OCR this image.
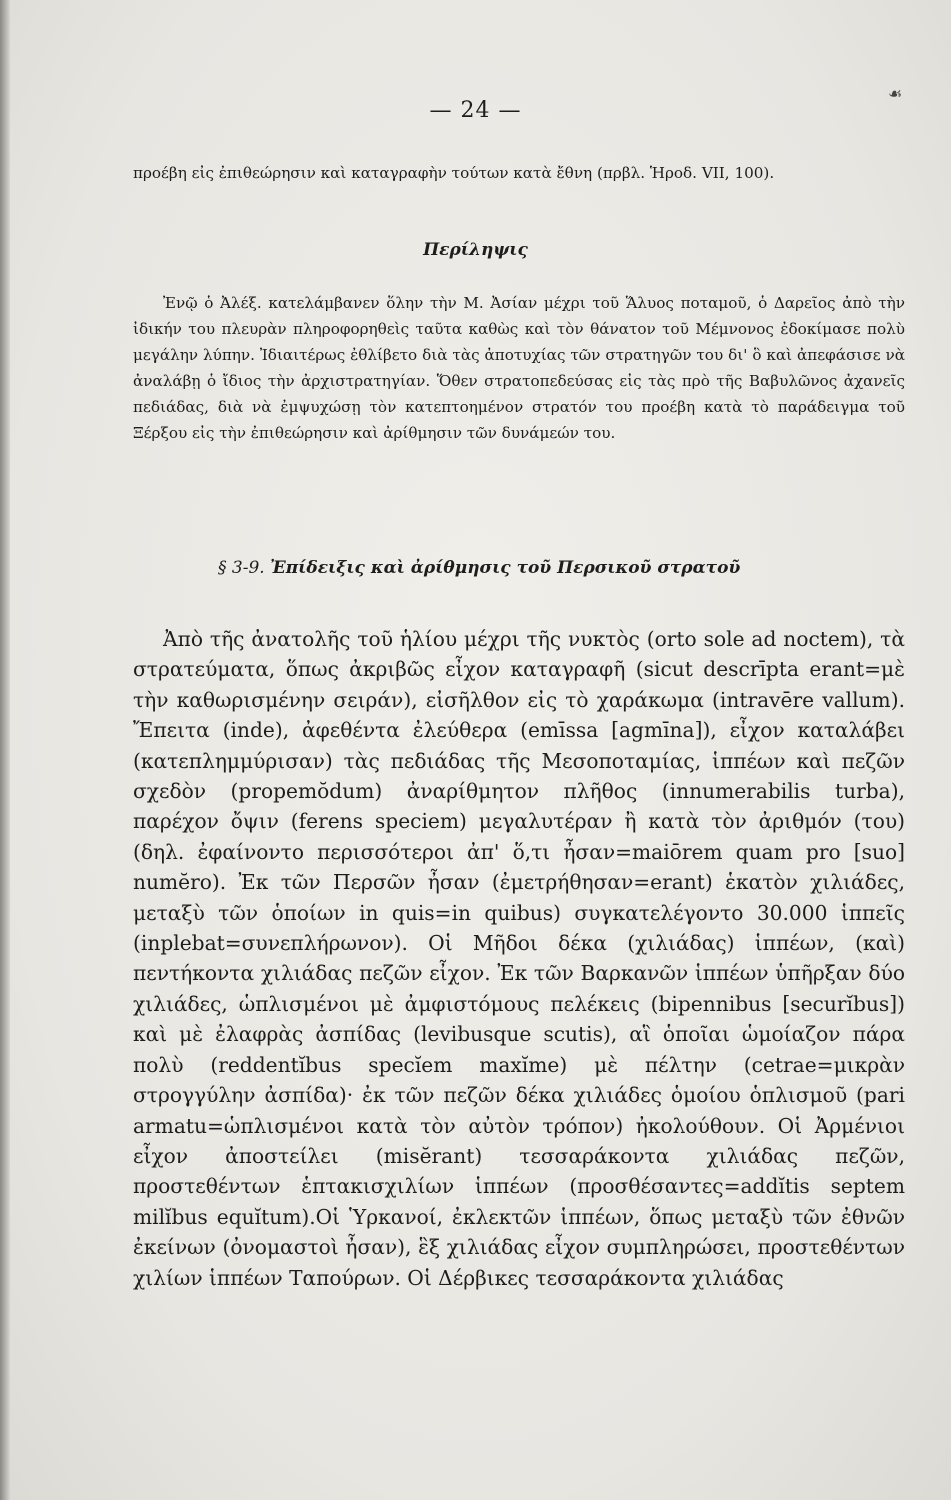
☙
— 24 —

προέβη εἰς ἐπιθεώρησιν καὶ καταγραφὴν τούτων κατὰ ἔθνη (πρβλ. Ἡροδ. VII, 100).

Περίληψις

Ἐνῷ ὁ Ἀλέξ. κατελάμβανεν ὅλην τὴν Μ. Ἀσίαν μέχρι τοῦ Ἅλυος ποταμοῦ, ὁ Δαρεῖος ἀπὸ τὴν ἰδικήν του πλευρὰν πληροφορηθεὶς ταῦτα καθὼς καὶ τὸν θάνατον τοῦ Μέμνονος ἐδοκίμασε πολὺ μεγάλην λύπην. Ἰδιαιτέρως ἐθλίβετο διὰ τὰς ἀποτυχίας τῶν στρατηγῶν του δι' ὃ καὶ ἀπεφάσισε νὰ ἀναλάβῃ ὁ ἴδιος τὴν ἀρχιστρατηγίαν. Ὅθεν στρατοπεδεύσας εἰς τὰς πρὸ τῆς Βαβυλῶνος ἀχανεῖς πεδιάδας, διὰ νὰ ἐμψυχώσῃ τὸν κατεπτοημένον στρατόν του προέβη κατὰ τὸ παράδειγμα τοῦ Ξέρξου εἰς τὴν ἐπιθεώρησιν καὶ ἀρίθμησιν τῶν δυνάμεών του.

§ 3-9. Ἐπίδειξις καὶ ἀρίθμησις τοῦ Περσικοῦ στρατοῦ

Ἀπὸ τῆς ἀνατολῆς τοῦ ἡλίου μέχρι τῆς νυκτὸς (orto sole ad noctem), τὰ στρατεύματα, ὅπως ἀκριβῶς εἶχον καταγραφῆ (sicut descrīpta erant=μὲ τὴν καθωρισμένην σειράν), εἰσῆλθον εἰς τὸ χαράκωμα (intravēre vallum). Ἔπειτα (inde), ἀφεθέντα ἐλεύθερα (emīssa [agmīna]), εἶχον καταλάβει (κατεπλημμύρισαν) τὰς πεδιάδας τῆς Μεσοποταμίας, ἱππέων καὶ πεζῶν σχεδὸν (propemŏdum) ἀναρίθμητον πλῆθος (innumerabilis turba), παρέχον ὄψιν (ferens speciem) μεγαλυτέραν ἢ κατὰ τὸν ἀριθμόν (του) (δηλ. ἐφαίνοντο περισσότεροι ἀπ' ὅ,τι ἦσαν=maiōrem quam pro [suo] numĕro). Ἐκ τῶν Περσῶν ἦσαν (ἐμετρήθησαν=erant) ἑκατὸν χιλιάδες, μεταξὺ τῶν ὁποίων in quis=in quibus) συγκατελέγοντο 30.000 ἱππεῖς (inplebat=συνεπλήρωνον). Οἱ Μῆδοι δέκα (χιλιάδας) ἱππέων, (καὶ) πεντήκοντα χιλιάδας πεζῶν εἶχον. Ἐκ τῶν Βαρκανῶν ἱππέων ὑπῆρξαν δύο χιλιάδες, ὡπλισμένοι μὲ ἀμφιστόμους πελέκεις (bipennibus [securĭbus]) καὶ μὲ ἐλαφρὰς ἀσπίδας (levibusque scutis), αἳ ὁποῖαι ὡμοίαζον πάρα πολὺ (reddentĭbus specĭem maxĭme) μὲ πέλτην (cetrae=μικρὰν στρογγύλην ἀσπίδα)· ἐκ τῶν πεζῶν δέκα χιλιάδες ὁμοίου ὁπλισμοῦ (pari armatu=ὡπλισμένοι κατὰ τὸν αὐτὸν τρόπον) ἠκολούθουν. Οἱ Ἀρμένιοι εἶχον ἀποστείλει (misĕrant) τεσσαράκοντα χιλιάδας πεζῶν, προστεθέντων ἑπτακισχιλίων ἱππέων (προσθέσαντες=addĭtis septem milĭbus equĭtum).Οἱ Ὑρκανοί, ἐκλεκτῶν ἱππέων, ὅπως μεταξὺ τῶν ἐθνῶν ἐκείνων (ὀνομαστοὶ ἦσαν), ἓξ χιλιάδας εἶχον συμπληρώσει, προστεθέντων χιλίων ἱππέων Ταπούρων. Οἱ Δέρβικες τεσσαράκοντα χιλιάδας
